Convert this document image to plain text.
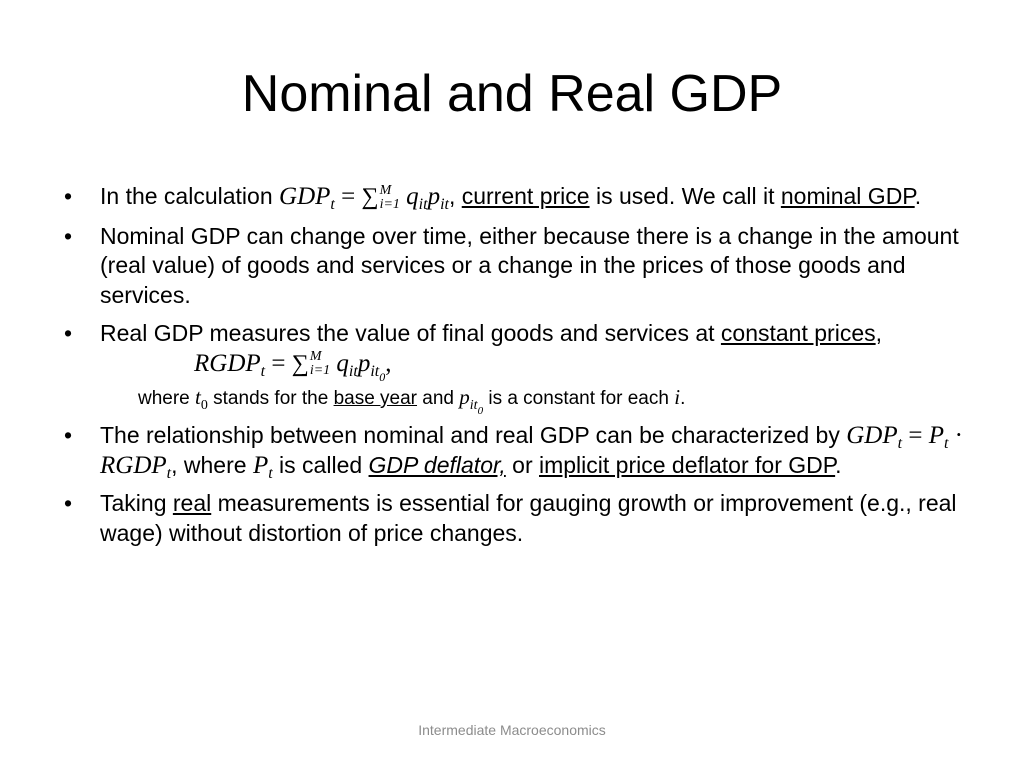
Nominal and Real GDP
• In the calculation $GDP_t$ = ∑ M
i=1 $q_{it}p_{it}$, current price is used. We call it nominal GDP.
• Nominal GDP can change over time, either because there is a change in the amount (real value) of goods and services or a change in the prices of those goods and services.
• Real GDP measures the value of final goods and services at constant prices,
$RGDP_t$ = ∑ M
i=1 $q_{it}p_{it_0}$,
where $t_0$ stands for the base year and $p_{it_0}$ is a constant for each i.
• The relationship between nominal and real GDP can be characterized by $GDP_t = P_t$ · $RGDP_t$, where $P_t$ is called GDP deflator, or implicit price deflator for GDP.
• Taking real measurements is essential for gauging growth or improvement (e.g., real wage) without distortion of price changes.
Intermediate Macroeconomics
